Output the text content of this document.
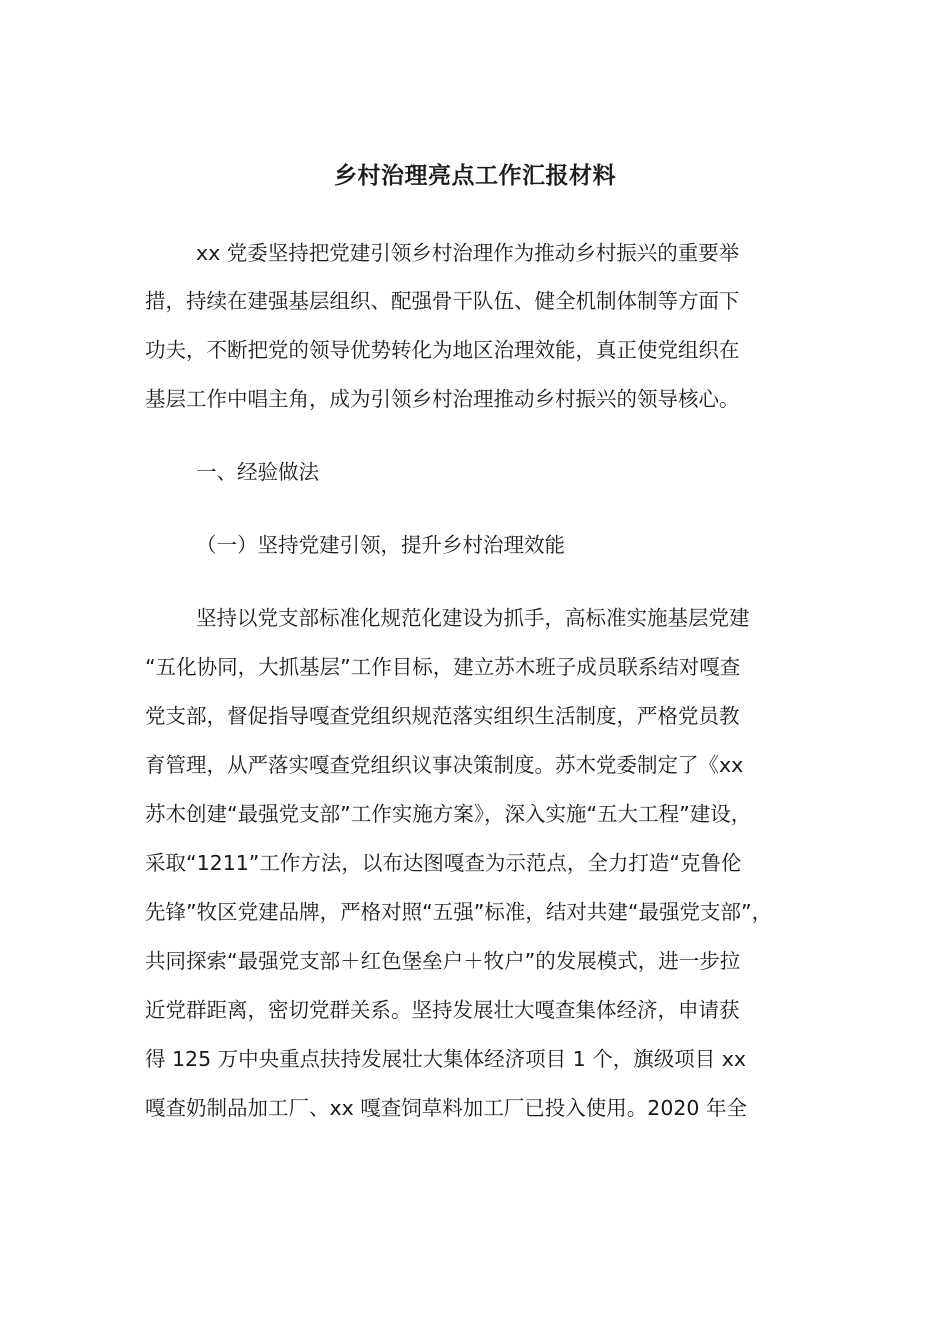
乡村治理亮点工作汇报材料
xx 党委坚持把党建引领乡村治理作为推动乡村振兴的重要举
措，持续在建强基层组织、配强骨干队伍、健全机制体制等方面下
功夫，不断把党的领导优势转化为地区治理效能，真正使党组织在
基层工作中唱主角，成为引领乡村治理推动乡村振兴的领导核心。
一、经验做法
（一）坚持党建引领，提升乡村治理效能
坚持以党支部标准化规范化建设为抓手，高标准实施基层党建
“五化协同，大抓基层”工作目标，建立苏木班子成员联系结对嘎查
党支部，督促指导嘎查党组织规范落实组织生活制度，严格党员教
育管理，从严落实嘎查党组织议事决策制度。苏木党委制定了《xx
苏木创建“最强党支部”工作实施方案》，深入实施“五大工程”建设，
采取“1211”工作方法，以布达图嘎查为示范点，全力打造“克鲁伦
先锋”牧区党建品牌，严格对照“五强”标准，结对共建“最强党支部”，
共同探索“最强党支部＋红色堡垒户＋牧户”的发展模式，进一步拉
近党群距离，密切党群关系。坚持发展壮大嘎查集体经济，申请获
得 125 万中央重点扶持发展壮大集体经济项目 1 个，旗级项目 xx
嘎查奶制品加工厂、xx 嘎查饲草料加工厂已投入使用。2020 年全
